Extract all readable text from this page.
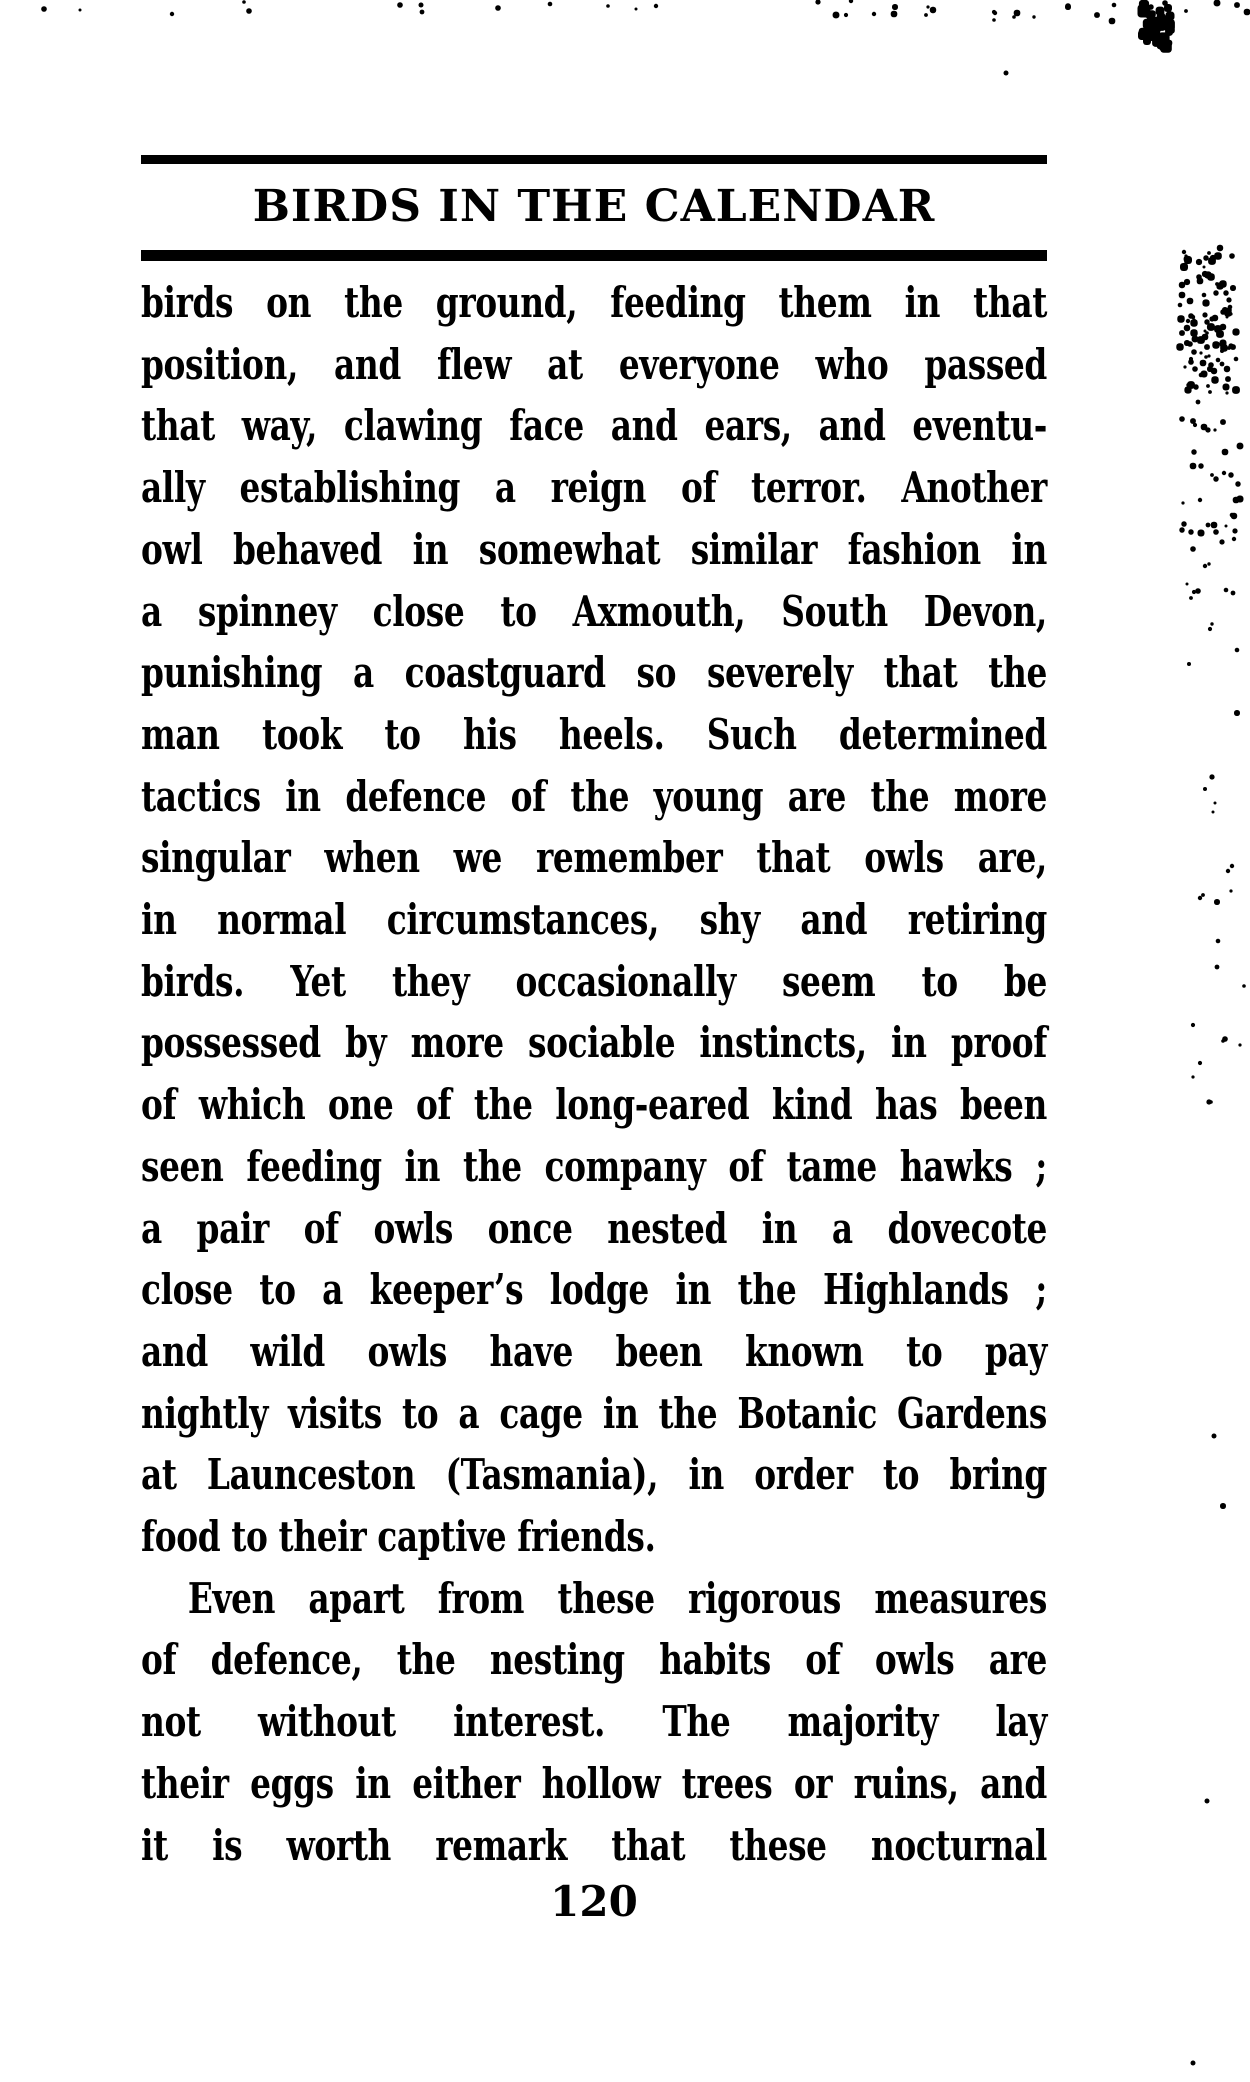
BIRDS IN THE CALENDAR
birds on the ground, feeding them in that
position, and flew at everyone who passed
that way, clawing face and ears, and eventu-
ally establishing a reign of terror. Another
owl behaved in somewhat similar fashion in
a spinney close to Axmouth, South Devon,
punishing a coastguard so severely that the
man took to his heels. Such determined
tactics in defence of the young are the more
singular when we remember that owls are,
in normal circumstances, shy and retiring
birds. Yet they occasionally seem to be
possessed by more sociable instincts, in proof
of which one of the long-eared kind has been
seen feeding in the company of tame hawks ;
a pair of owls once nested in a dovecote
close to a keeper’s lodge in the Highlands ;
and wild owls have been known to pay
nightly visits to a cage in the Botanic Gardens
at Launceston (Tasmania), in order to bring
food to their captive friends.
Even apart from these rigorous measures
of defence, the nesting habits of owls are
not without interest. The majority lay
their eggs in either hollow trees or ruins, and
it is worth remark that these nocturnal
120
